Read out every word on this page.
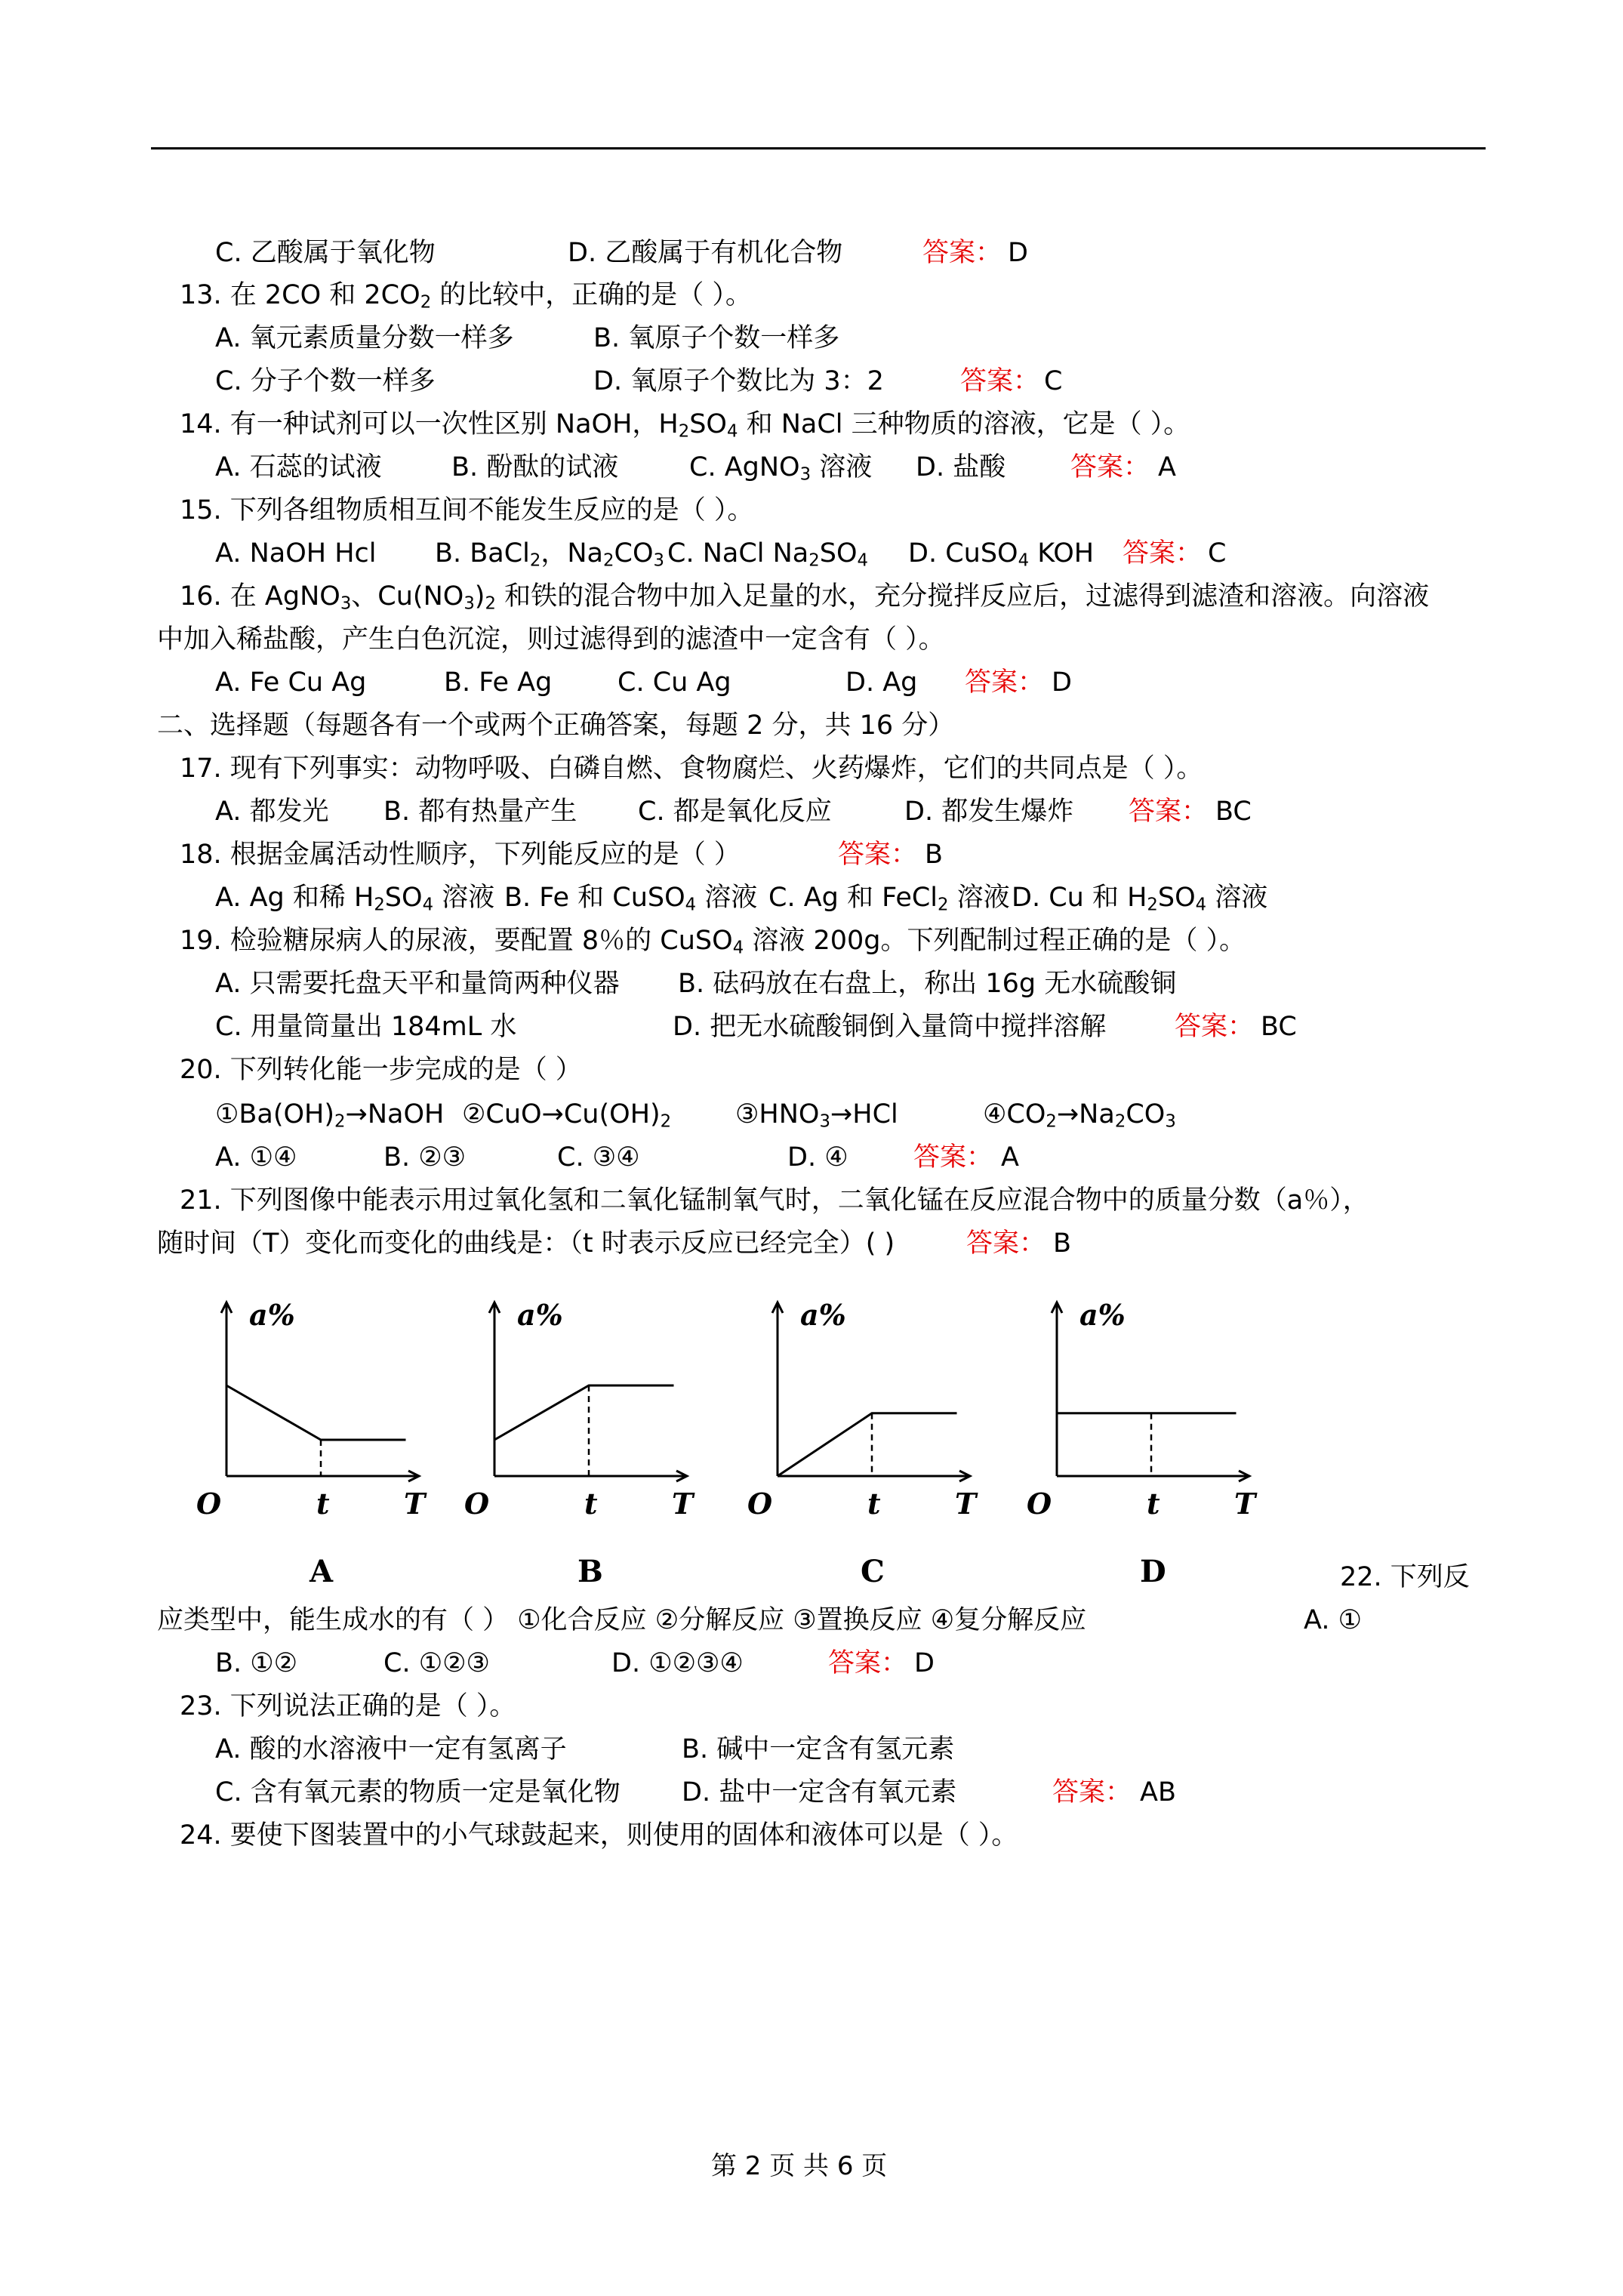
C. 乙酸属于氧化物	D. 乙酸属于有机化合物	答案： D
13. 在 2CO 和 $2CO_2$ 的比较中，正确的是（ ）。
A. 氧元素质量分数一样多	B. 氧原子个数一样多
C. 分子个数一样多	D. 氧原子个数比为 3：2	答案： C
14. 有一种试剂可以一次性区别 NaOH，$H_2SO_4$ 和 NaCl 三种物质的溶液，它是（ ）。
A. 石蕊的试液	B. 酚酞的试液	C. AgNO$_3$ 溶液 D. 盐酸 答案： A
15. 下列各组物质相互间不能发生反应的是（ ）。
A. NaOH Hcl B. BaCl$_2$，$Na_2CO_3$ C. NaCl $Na_2SO_4$ D. CuSO$_4$ KOH 答案： C
16. 在 AgNO$_3$、$Cu(NO_3)_2$ 和铁的混合物中加入足量的水，充分搅拌反应后，过滤得到滤渣和溶液。向溶液
中加入稀盐酸，产生白色沉淀，则过滤得到的滤渣中一定含有（ ）。
A. Fe Cu Ag	B. Fe Ag C. Cu Ag	D. Ag 答案： D
二、选择题（每题各有一个或两个正确答案，每题 2 分，共 16 分）
17. 现有下列事实：动物呼吸、白磷自燃、食物腐烂、火药爆炸，它们的共同点是（ ）。
A. 都发光 B. 都有热量产生 C. 都是氧化反应	D. 都发生爆炸 答案： BC
18. 根据金属活动性顺序，下列能反应的是（ ）	答案： B
A. Ag 和稀 $H_2SO_4$ 溶液 B. Fe 和 CuSO$_4$ 溶液 C. Ag 和 FeCl$_2$ 溶液 D. Cu 和 $H_2SO_4$ 溶液
19. 检验糖尿病人的尿液，要配置 8％的 CuSO$_4$ 溶液 200g。下列配制过程正确的是（ ）。
A. 只需要托盘天平和量筒两种仪器 B. 砝码放在右盘上，称出 16g 无水硫酸铜
C. 用量筒量出 184mL 水	D. 把无水硫酸铜倒入量筒中搅拌溶解	答案： BC
20. 下列转化能一步完成的是（ ）
$①Ba(OH)_2\to NaOH$ $②CuO\to Cu(OH)_2$ $③HNO_3\to HCl$	$④CO_2\to Na_2CO_3$
A. ①④	B. ②③	C. ③④	D. ④ 答案： A
21. 下列图像中能表示用过氧化氢和二氧化锰制氧气时，二氧化锰在反应混合物中的质量分数（a％），
随时间（T）变化而变化的曲线是：（t 时表示反应已经完全）( )	答案： B
a%
O	t	T
A
a%
O	t	T
B
a%
O	t	T
C
a%
O	t	T
D	22. 下列反
应类型中，能生成水的有（ ） ①化合反应 ②分解反应 ③置换反应 ④复分解反应	A. ①
B. ①②	C. ①②③	D. ①②③④	答案： D
23. 下列说法正确的是（ ）。
A. 酸的水溶液中一定有氢离子	B. 碱中一定含有氢元素
C. 含有氧元素的物质一定是氧化物 D. 盐中一定含有氧元素	答案： AB
24. 要使下图装置中的小气球鼓起来，则使用的固体和液体可以是（ ）。
第 2 页 共 6 页
